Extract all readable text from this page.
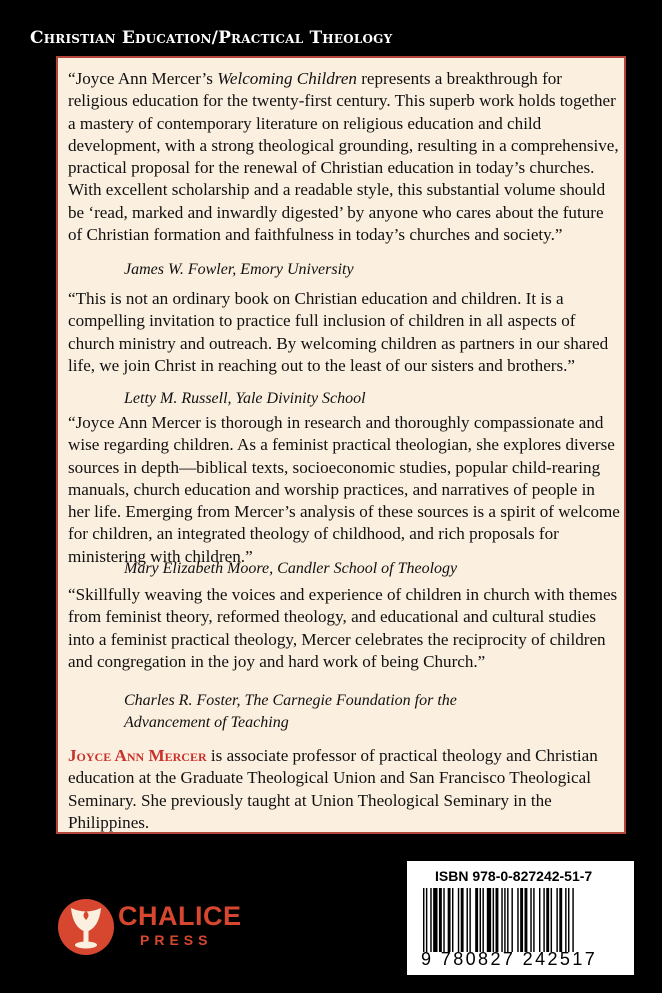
Christian Education/Practical Theology

“Joyce Ann Mercer’s Welcoming Children represents a breakthrough for religious education for the twenty-first century. This superb work holds together a mastery of contemporary literature on religious education and child development, with a strong theological grounding, resulting in a comprehensive, practical proposal for the renewal of Christian education in today’s churches. With excellent scholarship and a readable style, this substantial volume should be ‘read, marked and inwardly digested’ by anyone who cares about the future of Christian formation and faithfulness in today’s churches and society.”

James W. Fowler, Emory University

“This is not an ordinary book on Christian education and children. It is a compelling invitation to practice full inclusion of children in all aspects of church ministry and outreach. By welcoming children as partners in our shared life, we join Christ in reaching out to the least of our sisters and brothers.”

Letty M. Russell, Yale Divinity School

“Joyce Ann Mercer is thorough in research and thoroughly compassionate and wise regarding children. As a feminist practical theologian, she explores diverse sources in depth—biblical texts, socioeconomic studies, popular child-rearing manuals, church education and worship practices, and narratives of people in her life. Emerging from Mercer’s analysis of these sources is a spirit of welcome for children, an integrated theology of childhood, and rich proposals for ministering with children.”

Mary Elizabeth Moore, Candler School of Theology

“Skillfully weaving the voices and experience of children in church with themes from feminist theory, reformed theology, and educational and cultural studies into a feminist practical theology, Mercer celebrates the reciprocity of children and congregation in the joy and hard work of being Church.”

Charles R. Foster, The Carnegie Foundation for the
Advancement of Teaching

Joyce Ann Mercer is associate professor of practical theology and Christian education at the Graduate Theological Union and San Francisco Theological Seminary. She previously taught at Union Theological Seminary in the Philippines.

CHALICE
PRESS
ISBN 978-0-827242-51-7
9 780827 242517
